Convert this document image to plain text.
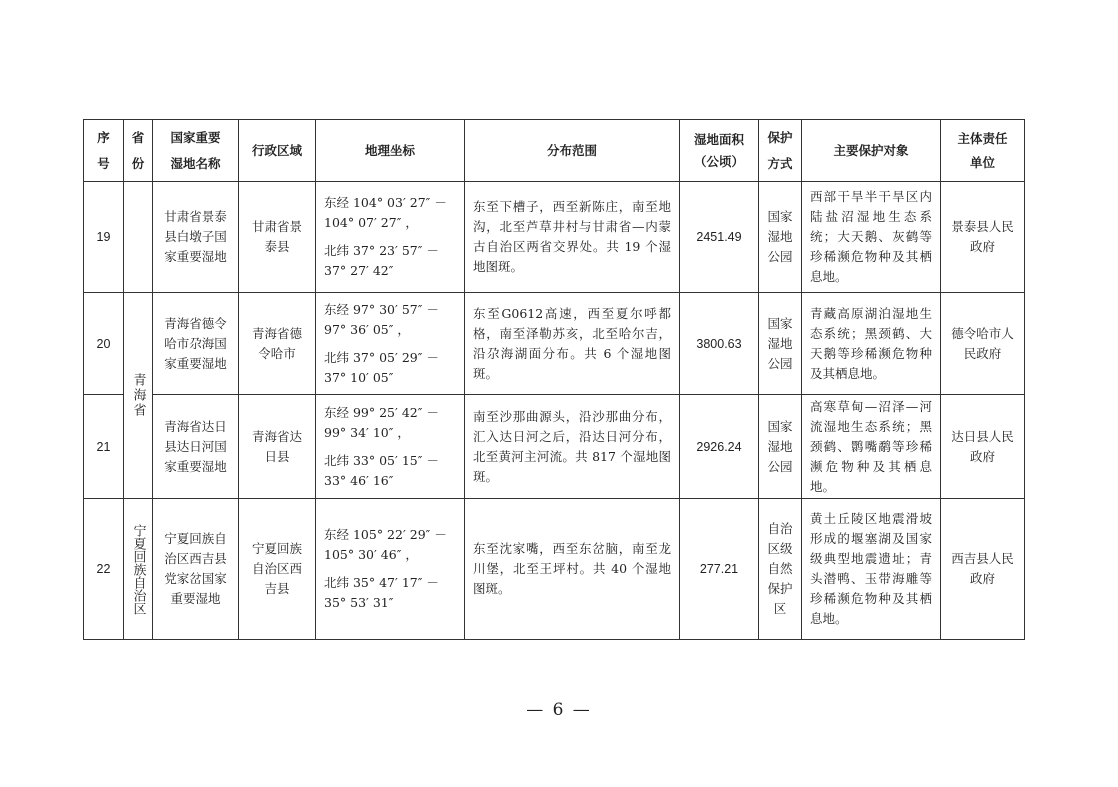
序号	省份	国家重要湿地名称	行政区域	地理坐标	分布范围	湿地面积（公顷）	保护方式	主要保护对象	主体责任单位

19		甘肃省景泰县白墩子国家重要湿地	甘肃省景泰县	东经 104° 03′ 27″ －104° 07′ 27″ ，
北纬 37° 23′ 57″ －37° 27′ 42″	东至下槽子，西至新陈庄，南至地沟，北至芦草井村与甘肃省—内蒙古自治区两省交界处。共 19 个湿地图斑。	2451.49	国家湿地公园	西部干旱半干旱区内陆盐沼湿地生态系统；大天鹅、灰鹤等珍稀濒危物种及其栖息地。	景泰县人民政府
20	青海省	青海省德令哈市尕海国家重要湿地	青海省德令哈市	东经 97° 30′ 57″ －97° 36′ 05″ ，
北纬 37° 05′ 29″ －37° 10′ 05″	东至G0612高速，西至夏尔呼都格，南至泽勒苏亥，北至哈尔吉，沿尕海湖面分布。共 6 个湿地图斑。	3800.63	国家湿地公园	青藏高原湖泊湿地生态系统；黑颈鹤、大天鹅等珍稀濒危物种及其栖息地。	德令哈市人民政府
21		青海省达日县达日河国家重要湿地	青海省达日县	东经 99° 25′ 42″ －99° 34′ 10″ ，
北纬 33° 05′ 15″ －33° 46′ 16″	南至沙那曲源头，沿沙那曲分布，汇入达日河之后，沿达日河分布，北至黄河主河流。共 817 个湿地图斑。	2926.24	国家湿地公园	高寒草甸—沼泽—河流湿地生态系统；黑颈鹤、鹮嘴鹬等珍稀濒危物种及其栖息地。	达日县人民政府
22	宁夏回族自治区	宁夏回族自治区西吉县党家岔国家重要湿地	宁夏回族自治区西吉县	东经 105° 22′ 29″ －105° 30′ 46″ ，
北纬 35° 47′ 17″ －35° 53′ 31″	东至沈家嘴，西至东岔脑，南至龙川堡，北至王坪村。共 40 个湿地图斑。	277.21	自治区级自然保护区	黄土丘陵区地震滑坡形成的堰塞湖及国家级典型地震遗址；青头潜鸭、玉带海雕等珍稀濒危物种及其栖息地。	西吉县人民政府
— 6 —
